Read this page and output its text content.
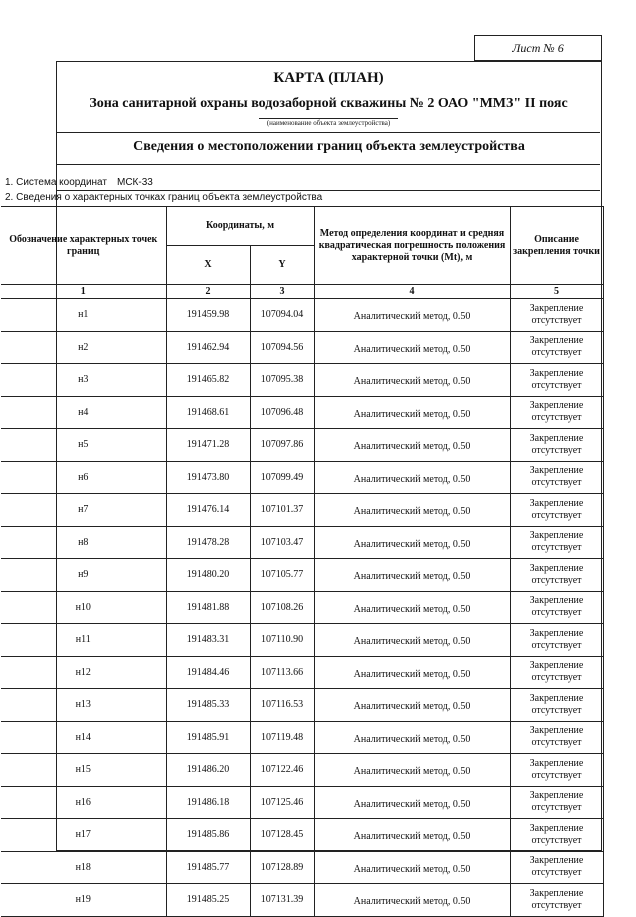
Лист № 6
КАРТА (ПЛАН)
Зона санитарной охраны водозаборной скважины № 2 ОАО "ММЗ" II пояс
(наименование объекта землеустройства)
Сведения о местоположении границ объекта землеустройства
1. Система координат МСК-33
2. Сведения о характерных точках границ объекта землеустройства
Обозначение характерных точек границ	Координаты, м		Метод определения координат и средняя квадратическая погрешность положения характерной точки (Mt), м	Описание закрепления точки
	X	Y		
1	2	3	4	5
н1	191459.98	107094.04	Аналитический метод, 0.50	Закрепление отсутствует
н2	191462.94	107094.56	Аналитический метод, 0.50	Закрепление отсутствует
н3	191465.82	107095.38	Аналитический метод, 0.50	Закрепление отсутствует
н4	191468.61	107096.48	Аналитический метод, 0.50	Закрепление отсутствует
н5	191471.28	107097.86	Аналитический метод, 0.50	Закрепление отсутствует
н6	191473.80	107099.49	Аналитический метод, 0.50	Закрепление отсутствует
н7	191476.14	107101.37	Аналитический метод, 0.50	Закрепление отсутствует
н8	191478.28	107103.47	Аналитический метод, 0.50	Закрепление отсутствует
н9	191480.20	107105.77	Аналитический метод, 0.50	Закрепление отсутствует
н10	191481.88	107108.26	Аналитический метод, 0.50	Закрепление отсутствует
н11	191483.31	107110.90	Аналитический метод, 0.50	Закрепление отсутствует
н12	191484.46	107113.66	Аналитический метод, 0.50	Закрепление отсутствует
н13	191485.33	107116.53	Аналитический метод, 0.50	Закрепление отсутствует
н14	191485.91	107119.48	Аналитический метод, 0.50	Закрепление отсутствует
н15	191486.20	107122.46	Аналитический метод, 0.50	Закрепление отсутствует
н16	191486.18	107125.46	Аналитический метод, 0.50	Закрепление отсутствует
н17	191485.86	107128.45	Аналитический метод, 0.50	Закрепление отсутствует
н18	191485.77	107128.89	Аналитический метод, 0.50	Закрепление отсутствует
н19	191485.25	107131.39	Аналитический метод, 0.50	Закрепление отсутствует
